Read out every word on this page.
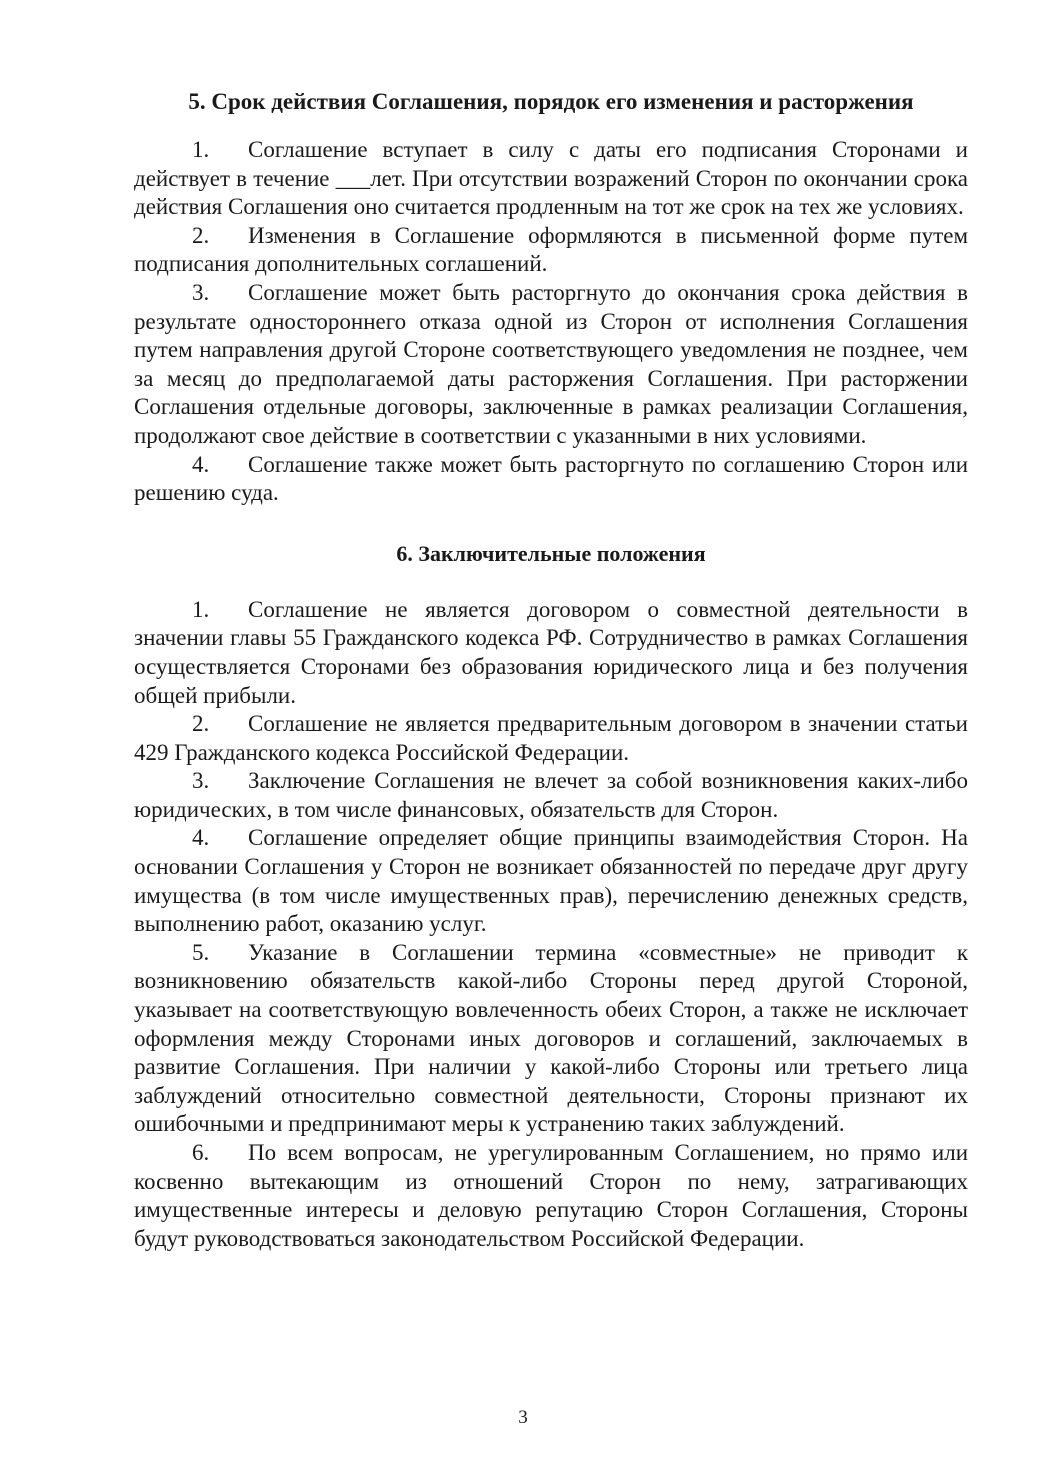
5. Срок действия Соглашения, порядок его изменения и расторжения

1. Соглашение вступает в силу с даты его подписания Сторонами и действует в течение ___лет. При отсутствии возражений Сторон по окончании срока действия Соглашения оно считается продленным на тот же срок на тех же условиях.

2. Изменения в Соглашение оформляются в письменной форме путем подписания дополнительных соглашений.

3. Соглашение может быть расторгнуто до окончания срока действия в результате одностороннего отказа одной из Сторон от исполнения Соглашения путем направления другой Стороне соответствующего уведомления не позднее, чем за месяц до предполагаемой даты расторжения Соглашения. При расторжении Соглашения отдельные договоры, заключенные в рамках реализации Соглашения, продолжают свое действие в соответствии с указанными в них условиями.

4. Соглашение также может быть расторгнуто по соглашению Сторон или решению суда.

6. Заключительные положения

1. Соглашение не является договором о совместной деятельности в значении главы 55 Гражданского кодекса РФ. Сотрудничество в рамках Соглашения осуществляется Сторонами без образования юридического лица и без получения общей прибыли.

2. Соглашение не является предварительным договором в значении статьи 429 Гражданского кодекса Российской Федерации.

3. Заключение Соглашения не влечет за собой возникновения каких-либо юридических, в том числе финансовых, обязательств для Сторон.

4. Соглашение определяет общие принципы взаимодействия Сторон. На основании Соглашения у Сторон не возникает обязанностей по передаче друг другу имущества (в том числе имущественных прав), перечислению денежных средств, выполнению работ, оказанию услуг.

5. Указание в Соглашении термина «совместные» не приводит к возникновению обязательств какой-либо Стороны перед другой Стороной, указывает на соответствующую вовлеченность обеих Сторон, а также не исключает оформления между Сторонами иных договоров и соглашений, заключаемых в развитие Соглашения. При наличии у какой-либо Стороны или третьего лица заблуждений относительно совместной деятельности, Стороны признают их ошибочными и предпринимают меры к устранению таких заблуждений.

6. По всем вопросам, не урегулированным Соглашением, но прямо или косвенно вытекающим из отношений Сторон по нему, затрагивающих имущественные интересы и деловую репутацию Сторон Соглашения, Стороны будут руководствоваться законодательством Российской Федерации.

3
